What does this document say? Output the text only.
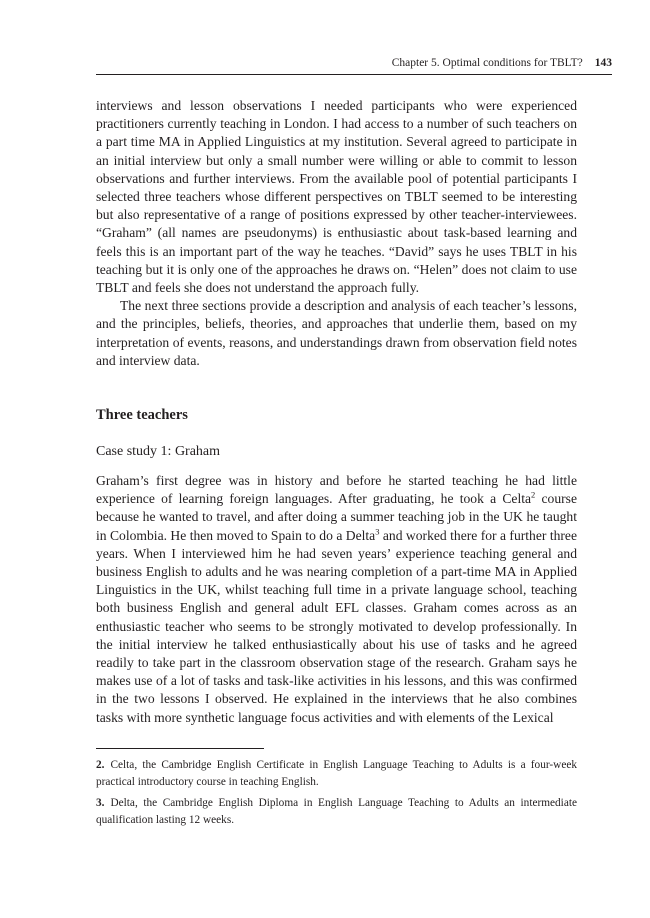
Chapter 5. Optimal conditions for TBLT? 143

interviews and lesson observations I needed participants who were experienced practitioners currently teaching in London. I had access to a number of such teachers on a part time MA in Applied Linguistics at my institution. Several agreed to participate in an initial interview but only a small number were willing or able to commit to lesson observations and further interviews. From the available pool of potential participants I selected three teachers whose different perspectives on TBLT seemed to be interesting but also representative of a range of positions expressed by other teacher-interviewees. “Graham” (all names are pseudonyms) is enthusiastic about task-based learning and feels this is an important part of the way he teaches. “David” says he uses TBLT in his teaching but it is only one of the approaches he draws on. “Helen” does not claim to use TBLT and feels she does not understand the approach fully.

The next three sections provide a description and analysis of each teacher’s lessons, and the principles, beliefs, theories, and approaches that underlie them, based on my interpretation of events, reasons, and understandings drawn from observation field notes and interview data.

Three teachers
Case study 1: Graham

Graham’s first degree was in history and before he started teaching he had little experience of learning foreign languages. After graduating, he took a Celta$^2$ course because he wanted to travel, and after doing a summer teaching job in the UK he taught in Colombia. He then moved to Spain to do a Delta$^3$ and worked there for a further three years. When I interviewed him he had seven years’ experience teaching general and business English to adults and he was nearing completion of a part-time MA in Applied Linguistics in the UK, whilst teaching full time in a private language school, teaching both business English and general adult EFL classes. Graham comes across as an enthusiastic teacher who seems to be strongly motivated to develop professionally. In the initial interview he talked enthusiastically about his use of tasks and he agreed readily to take part in the classroom observation stage of the research. Graham says he makes use of a lot of tasks and task-like activities in his lessons, and this was confirmed in the two lessons I observed. He explained in the interviews that he also combines tasks with more synthetic language focus activities and with elements of the Lexical

2. Celta, the Cambridge English Certificate in English Language Teaching to Adults is a four-week practical introductory course in teaching English.

3. Delta, the Cambridge English Diploma in English Language Teaching to Adults an intermediate qualification lasting 12 weeks.
